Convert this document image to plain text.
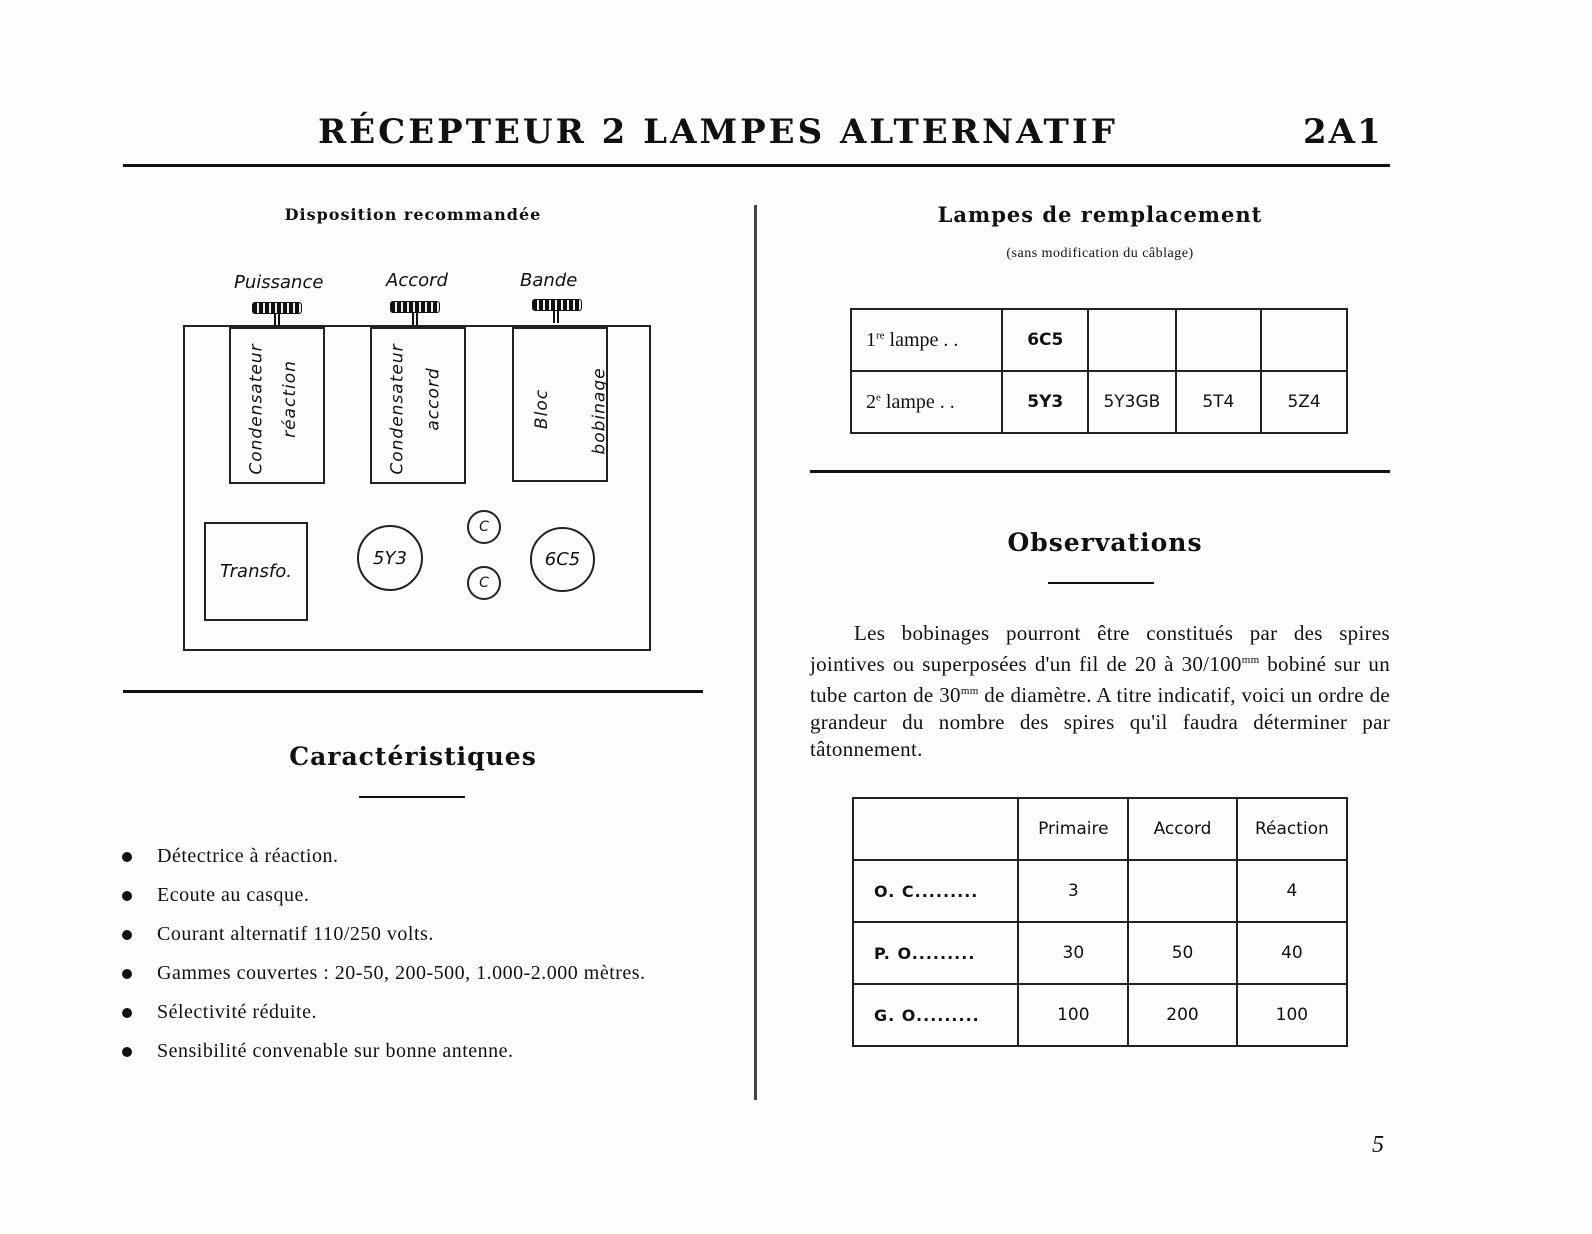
RÉCEPTEUR 2 LAMPES ALTERNATIF	2A1
Disposition recommandée
Puissance	Accord	Bande
Condensateur réaction	Condensateur accord	Bloc bobinage
Transfo.
5Y3
C
C
6C5
Caractéristiques
Détectrice à réaction.
Ecoute au casque.
Courant alternatif 110/250 volts.
Gammes couvertes : 20-50, 200-500, 1.000-2.000 mètres.
Sélectivité réduite.
Sensibilité convenable sur bonne antenne.
Lampes de remplacement
(sans modification du câblage)
1re lampe . .	6C5			
2e lampe . .	5Y3	5Y3GB	5T4	5Z4
Observations
Les bobinages pourront être constitués par des spires jointives ou superposées d'un fil de 20 à $30/100^{mm}$ bobiné sur un tube carton de $30^{mm}$ de diamètre. A titre indicatif, voici un ordre de grandeur du nombre des spires qu'il faudra déterminer par tâtonnement.
	Primaire	Accord	Réaction
O. C.........	3		4
P. O.........	30	50	40
G. O.........	100	200	100
5
